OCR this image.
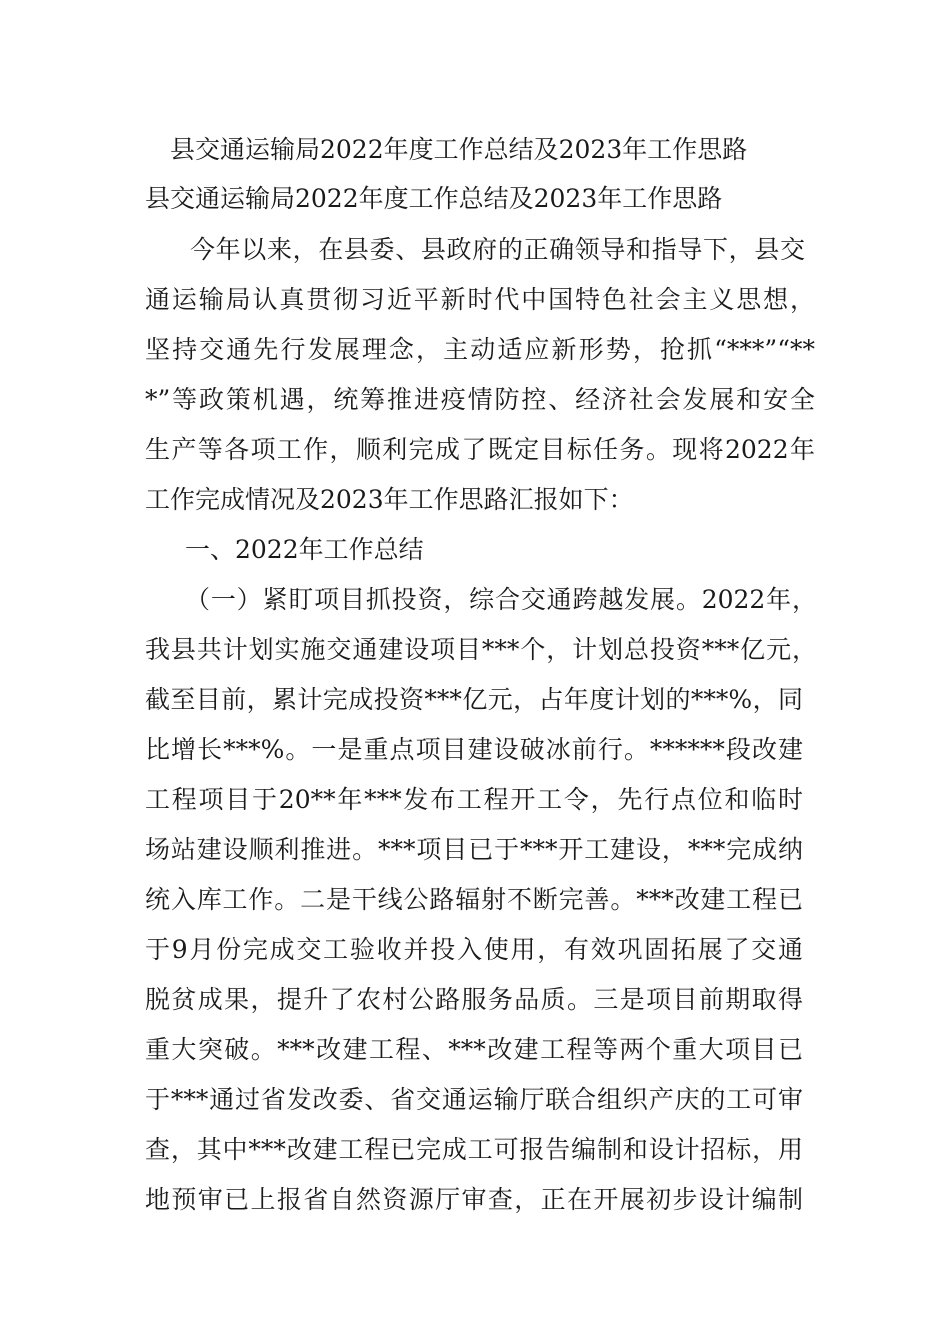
县交通运输局2022年度工作总结及2023年工作思路
县交通运输局2022年度工作总结及2023年工作思路
今年以来，在县委、县政府的正确领导和指导下，县交
通运输局认真贯彻习近平新时代中国特色社会主义思想，
坚持交通先行发展理念，主动适应新形势，抢抓“***”“**
*”等政策机遇，统筹推进疫情防控、经济社会发展和安全
生产等各项工作，顺利完成了既定目标任务。现将2022年
工作完成情况及2023年工作思路汇报如下：
一、2022年工作总结
（一）紧盯项目抓投资，综合交通跨越发展。2022年，
我县共计划实施交通建设项目***个，计划总投资***亿元，
截至目前，累计完成投资***亿元，占年度计划的***%，同
比增长***%。一是重点项目建设破冰前行。******段改建
工程项目于20**年***发布工程开工令，先行点位和临时
场站建设顺利推进。***项目已于***开工建设，***完成纳
统入库工作。二是干线公路辐射不断完善。***改建工程已
于9月份完成交工验收并投入使用，有效巩固拓展了交通
脱贫成果，提升了农村公路服务品质。三是项目前期取得
重大突破。***改建工程、***改建工程等两个重大项目已
于***通过省发改委、省交通运输厅联合组织产庆的工可审
查，其中***改建工程已完成工可报告编制和设计招标，用
地预审已上报省自然资源厅审查，正在开展初步设计编制
